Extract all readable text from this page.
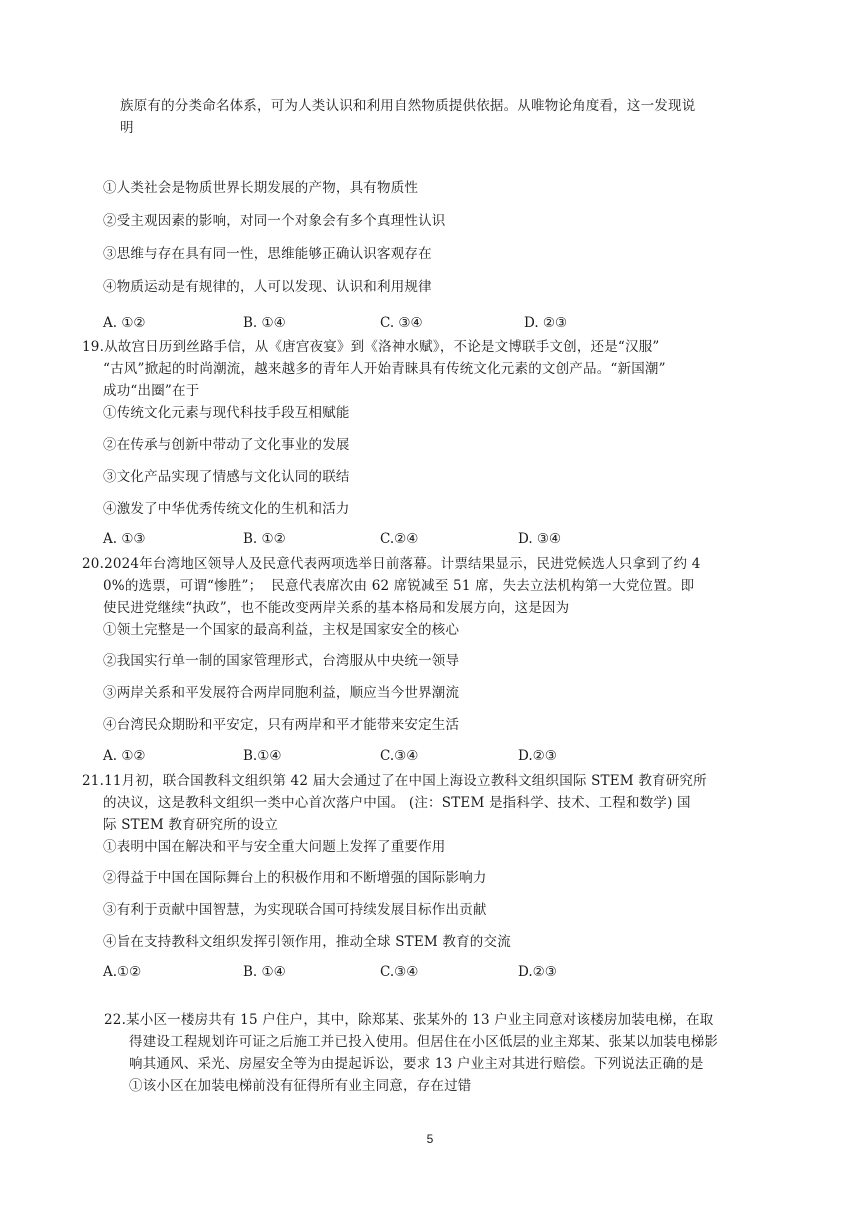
族原有的分类命名体系，可为人类认识和利用自然物质提供依据。从唯物论角度看，这一发现说
明
①人类社会是物质世界长期发展的产物，具有物质性
②受主观因素的影响，对同一个对象会有多个真理性认识
③思维与存在具有同一性，思维能够正确认识客观存在
④物质运动是有规律的，人可以发现、认识和利用规律
A. ①②	B. ①④	C. ③④	D. ②③
19.从故宫日历到丝路手信，从《唐宫夜宴》到《洛神水赋》，不论是文博联手文创，还是“汉服”
“古风”掀起的时尚潮流，越来越多的青年人开始青睐具有传统文化元素的文创产品。“新国潮”
成功“出圈”在于
①传统文化元素与现代科技手段互相赋能
②在传承与创新中带动了文化事业的发展
③文化产品实现了情感与文化认同的联结
④激发了中华优秀传统文化的生机和活力
A. ①③	B. ①②	C.②④	D. ③④
20.2024年台湾地区领导人及民意代表两项选举日前落幕。计票结果显示，民进党候选人只拿到了约 4
0%的选票，可谓“惨胜”；  民意代表席次由 62 席锐减至 51 席，失去立法机构第一大党位置。即
使民进党继续“执政”，也不能改变两岸关系的基本格局和发展方向，这是因为
①领土完整是一个国家的最高利益，主权是国家安全的核心
②我国实行单一制的国家管理形式，台湾服从中央统一领导
③两岸关系和平发展符合两岸同胞利益，顺应当今世界潮流
④台湾民众期盼和平安定，只有两岸和平才能带来安定生活
A. ①②	B.①④	C.③④	D.②③
21.11月初，联合国教科文组织第 42 届大会通过了在中国上海设立教科文组织国际 STEM 教育研究所
的决议，这是教科文组织一类中心首次落户中国。 (注：STEM 是指科学、技术、工程和数学) 国
际 STEM 教育研究所的设立
①表明中国在解决和平与安全重大问题上发挥了重要作用
②得益于中国在国际舞台上的积极作用和不断增强的国际影响力
③有利于贡献中国智慧，为实现联合国可持续发展目标作出贡献
④旨在支持教科文组织发挥引领作用，推动全球 STEM 教育的交流
A.①②	B. ①④	C.③④	D.②③
22.某小区一楼房共有 15 户住户，其中，除郑某、张某外的 13 户业主同意对该楼房加装电梯，在取
得建设工程规划许可证之后施工并已投入使用。但居住在小区低层的业主郑某、张某以加装电梯影
响其通风、采光、房屋安全等为由提起诉讼，要求 13 户业主对其进行赔偿。下列说法正确的是
①该小区在加装电梯前没有征得所有业主同意，存在过错
5
